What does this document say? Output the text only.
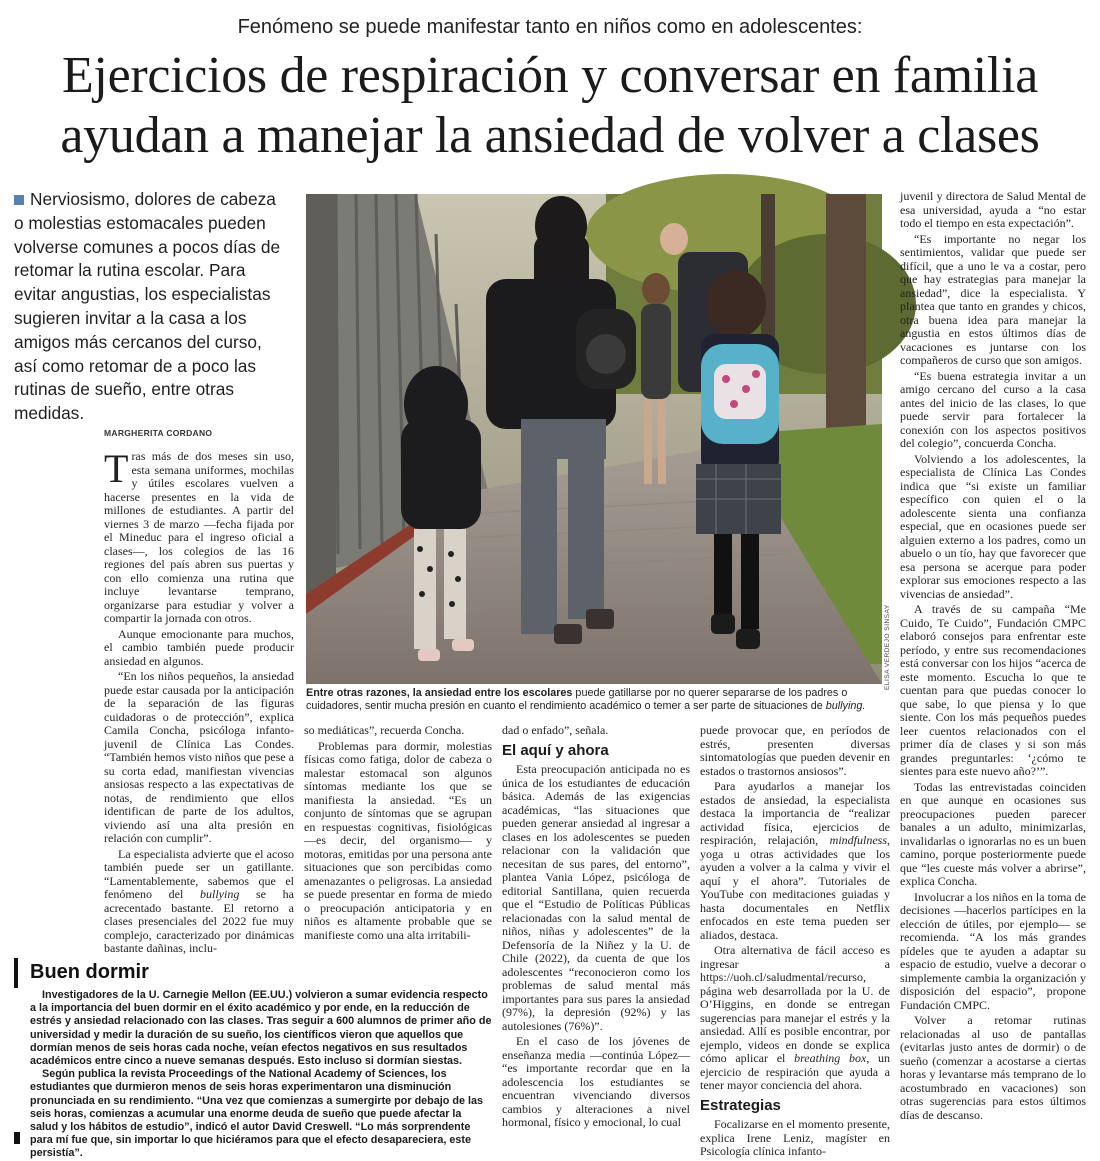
Fenómeno se puede manifestar tanto en niños como en adolescentes:
Ejercicios de respiración y conversar en familia
ayudan a manejar la ansiedad de volver a clases

Nerviosismo, dolores de cabeza o molestias estomacales pueden volverse comunes a pocos días de retomar la rutina escolar. Para evitar angustias, los especialistas sugieren invitar a la casa a los amigos más cercanos del curso, así como retomar de a poco las rutinas de sueño, entre otras medidas.

MARGHERITA CORDANO
ELISA VERDEJO SINSAY

Entre otras razones, la ansiedad entre los escolares puede gatillarse por no querer separarse de los padres o cuidadores, sentir mucha presión en cuanto el rendimiento académico o temer a ser parte de situaciones de bullying.

Tras más de dos meses sin uso, esta semana uniformes, mochilas y útiles escolares vuelven a hacerse presentes en la vida de millones de estudiantes. A partir del viernes 3 de marzo —fecha fijada por el Mineduc para el ingreso oficial a clases—, los colegios de las 16 regiones del país abren sus puertas y con ello comienza una rutina que incluye levantarse temprano, organizarse para estudiar y volver a compartir la jornada con otros.

Aunque emocionante para muchos, el cambio también puede producir ansiedad en algunos.

“En los niños pequeños, la ansiedad puede estar causada por la anticipación de la separación de las figuras cuidadoras o de protección”, explica Camila Concha, psicóloga infanto-juvenil de Clínica Las Condes. “También hemos visto niños que pese a su corta edad, manifiestan vivencias ansiosas respecto a las expectativas de notas, de rendimiento que ellos identifican de parte de los adultos, viviendo así una alta presión en relación con cumplir”.

La especialista advierte que el acoso también puede ser un gatillante. “Lamentablemente, sabemos que el fenómeno del bullying se ha acrecentado bastante. El retorno a clases presenciales del 2022 fue muy complejo, caracterizado por dinámicas bastante dañinas, inclu-

so mediáticas”, recuerda Concha.

Problemas para dormir, molestias físicas como fatiga, dolor de cabeza o malestar estomacal son algunos síntomas mediante los que se manifiesta la ansiedad. “Es un conjunto de síntomas que se agrupan en respuestas cognitivas, fisiológicas —es decir, del organismo— y motoras, emitidas por una persona ante situaciones que son percibidas como amenazantes o peligrosas. La ansiedad se puede presentar en forma de miedo o preocupación anticipatoria y en niños es altamente probable que se manifieste como una alta irritabili-

dad o enfado”, señala.

El aquí y ahora

Esta preocupación anticipada no es única de los estudiantes de educación básica. Además de las exigencias académicas, “las situaciones que pueden generar ansiedad al ingresar a clases en los adolescentes se pueden relacionar con la validación que necesitan de sus pares, del entorno”, plantea Vania López, psicóloga de editorial Santillana, quien recuerda que el “Estudio de Políticas Públicas relacionadas con la salud mental de niños, niñas y adolescentes” de la Defensoría de la Niñez y la U. de Chile (2022), da cuenta de que los adolescentes “reconocieron como los problemas de salud mental más importantes para sus pares la ansiedad (97%), la depresión (92%) y las autolesiones (76%)”.

En el caso de los jóvenes de enseñanza media —continúa López— “es importante recordar que en la adolescencia los estudiantes se encuentran vivenciando diversos cambios y alteraciones a nivel hormonal, físico y emocional, lo cual

puede provocar que, en períodos de estrés, presenten diversas sintomatologías que pueden devenir en estados o trastornos ansiosos”.

Para ayudarlos a manejar los estados de ansiedad, la especialista destaca la importancia de “realizar actividad física, ejercicios de respiración, relajación, mindfulness, yoga u otras actividades que los ayuden a volver a la calma y vivir el aquí y el ahora”. Tutoriales de YouTube con meditaciones guiadas y hasta documentales en Netflix enfocados en este tema pueden ser aliados, destaca.

Otra alternativa de fácil acceso es ingresar a https://uoh.cl/saludmental/recurso, página web desarrollada por la U. de O’Higgins, en donde se entregan sugerencias para manejar el estrés y la ansiedad. Allí es posible encontrar, por ejemplo, videos en donde se explica cómo aplicar el breathing box, un ejercicio de respiración que ayuda a tener mayor conciencia del ahora.

Estrategias

Focalizarse en el momento presente, explica Irene Leniz, magíster en Psicología clínica infanto-

juvenil y directora de Salud Mental de esa universidad, ayuda a “no estar todo el tiempo en esta expectación”.

“Es importante no negar los sentimientos, validar que puede ser difícil, que a uno le va a costar, pero que hay estrategias para manejar la ansiedad”, dice la especialista. Y plantea que tanto en grandes y chicos, otra buena idea para manejar la angustia en estos últimos días de vacaciones es juntarse con los compañeros de curso que son amigos.

“Es buena estrategia invitar a un amigo cercano del curso a la casa antes del inicio de las clases, lo que puede servir para fortalecer la conexión con los aspectos positivos del colegio”, concuerda Concha.

Volviendo a los adolescentes, la especialista de Clínica Las Condes indica que “si existe un familiar específico con quien el o la adolescente sienta una confianza especial, que en ocasiones puede ser alguien externo a los padres, como un abuelo o un tío, hay que favorecer que esa persona se acerque para poder explorar sus emociones respecto a las vivencias de ansiedad”.

A través de su campaña “Me Cuido, Te Cuido”, Fundación CMPC elaboró consejos para enfrentar este período, y entre sus recomendaciones está conversar con los hijos “acerca de este momento. Escucha lo que te cuentan para que puedas conocer lo que sabe, lo que piensa y lo que siente. Con los más pequeños puedes leer cuentos relacionados con el primer día de clases y si son más grandes preguntarles: ‘¿cómo te sientes para este nuevo año?’”.

Todas las entrevistadas coinciden en que aunque en ocasiones sus preocupaciones pueden parecer banales a un adulto, minimizarlas, invalidarlas o ignorarlas no es un buen camino, porque posteriormente puede que “les cueste más volver a abrirse”, explica Concha.

Involucrar a los niños en la toma de decisiones —hacerlos partícipes en la elección de útiles, por ejemplo— se recomienda. “A los más grandes pídeles que te ayuden a adaptar su espacio de estudio, vuelve a decorar o simplemente cambia la organización y disposición del espacio”, propone Fundación CMPC.

Volver a retomar rutinas relacionadas al uso de pantallas (evitarlas justo antes de dormir) o de sueño (comenzar a acostarse a ciertas horas y levantarse más temprano de lo acostumbrado en vacaciones) son otras sugerencias para estos últimos días de descanso.

Buen dormir

Investigadores de la U. Carnegie Mellon (EE.UU.) volvieron a sumar evidencia respecto a la importancia del buen dormir en el éxito académico y por ende, en la reducción de estrés y ansiedad relacionado con las clases. Tras seguir a 600 alumnos de primer año de universidad y medir la duración de su sueño, los científicos vieron que aquellos que dormían menos de seis horas cada noche, veían efectos negativos en sus resultados académicos entre cinco a nueve semanas después. Esto incluso si dormían siestas.

Según publica la revista Proceedings of the National Academy of Sciences, los estudiantes que durmieron menos de seis horas experimentaron una disminución pronunciada en su rendimiento. “Una vez que comienzas a sumergirte por debajo de las seis horas, comienzas a acumular una enorme deuda de sueño que puede afectar la salud y los hábitos de estudio”, indicó el autor David Creswell. “Lo más sorprendente para mí fue que, sin importar lo que hiciéramos para que el efecto desapareciera, este persistía”.
